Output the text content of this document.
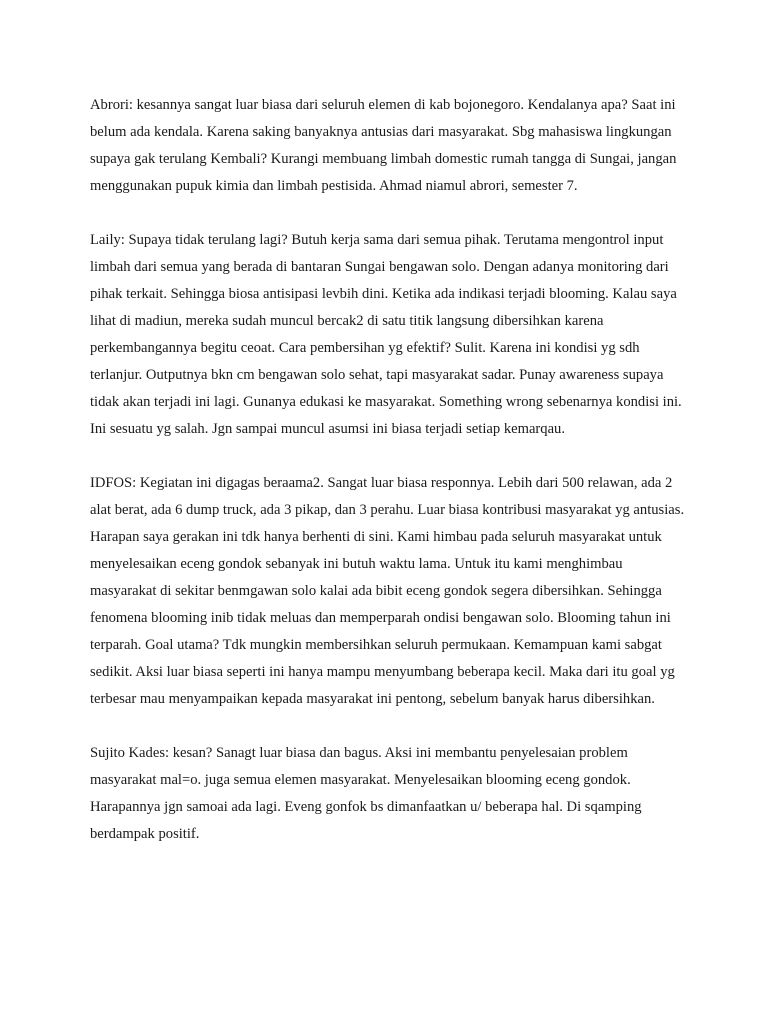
Abrori: kesannya sangat luar biasa dari seluruh elemen di kab bojonegoro. Kendalanya apa? Saat ini belum ada kendala. Karena saking banyaknya antusias dari masyarakat. Sbg mahasiswa lingkungan supaya gak terulang Kembali? Kurangi membuang limbah domestic rumah tangga di Sungai, jangan menggunakan pupuk kimia dan limbah pestisida. Ahmad niamul abrori, semester 7.

Laily: Supaya tidak terulang lagi? Butuh kerja sama dari semua pihak. Terutama mengontrol input limbah dari semua yang berada di bantaran Sungai bengawan solo. Dengan adanya monitoring dari pihak terkait. Sehingga biosa antisipasi levbih dini. Ketika ada indikasi terjadi blooming. Kalau saya lihat di madiun, mereka sudah muncul bercak2 di satu titik langsung dibersihkan karena perkembangannya begitu ceoat. Cara pembersihan yg efektif? Sulit. Karena ini kondisi yg sdh terlanjur. Outputnya bkn cm bengawan solo sehat, tapi masyarakat sadar. Punay awareness supaya tidak akan terjadi ini lagi. Gunanya edukasi ke masyarakat. Something wrong sebenarnya kondisi ini. Ini sesuatu yg salah. Jgn sampai muncul asumsi ini biasa terjadi setiap kemarqau.

IDFOS: Kegiatan ini digagas beraama2. Sangat luar biasa responnya. Lebih dari 500 relawan, ada 2 alat berat, ada 6 dump truck, ada 3 pikap, dan 3 perahu. Luar biasa kontribusi masyarakat yg antusias. Harapan saya gerakan ini tdk hanya berhenti di sini. Kami himbau pada seluruh masyarakat untuk menyelesaikan eceng gondok sebanyak ini butuh waktu lama. Untuk itu kami menghimbau masyarakat di sekitar benmgawan solo kalai ada bibit eceng gondok segera dibersihkan. Sehingga fenomena blooming inib tidak meluas dan memperparah ondisi bengawan solo. Blooming tahun ini terparah. Goal utama? Tdk mungkin membersihkan seluruh permukaan. Kemampuan kami sabgat sedikit. Aksi luar biasa seperti ini hanya mampu menyumbang beberapa kecil. Maka dari itu goal yg terbesar mau menyampaikan kepada masyarakat ini pentong, sebelum banyak harus dibersihkan.

Sujito Kades: kesan? Sanagt luar biasa dan bagus. Aksi ini membantu penyelesaian problem masyarakat mal=o. juga semua elemen masyarakat. Menyelesaikan blooming eceng gondok. Harapannya jgn samoai ada lagi. Eveng gonfok bs dimanfaatkan u/ beberapa hal. Di sqamping berdampak positif.
